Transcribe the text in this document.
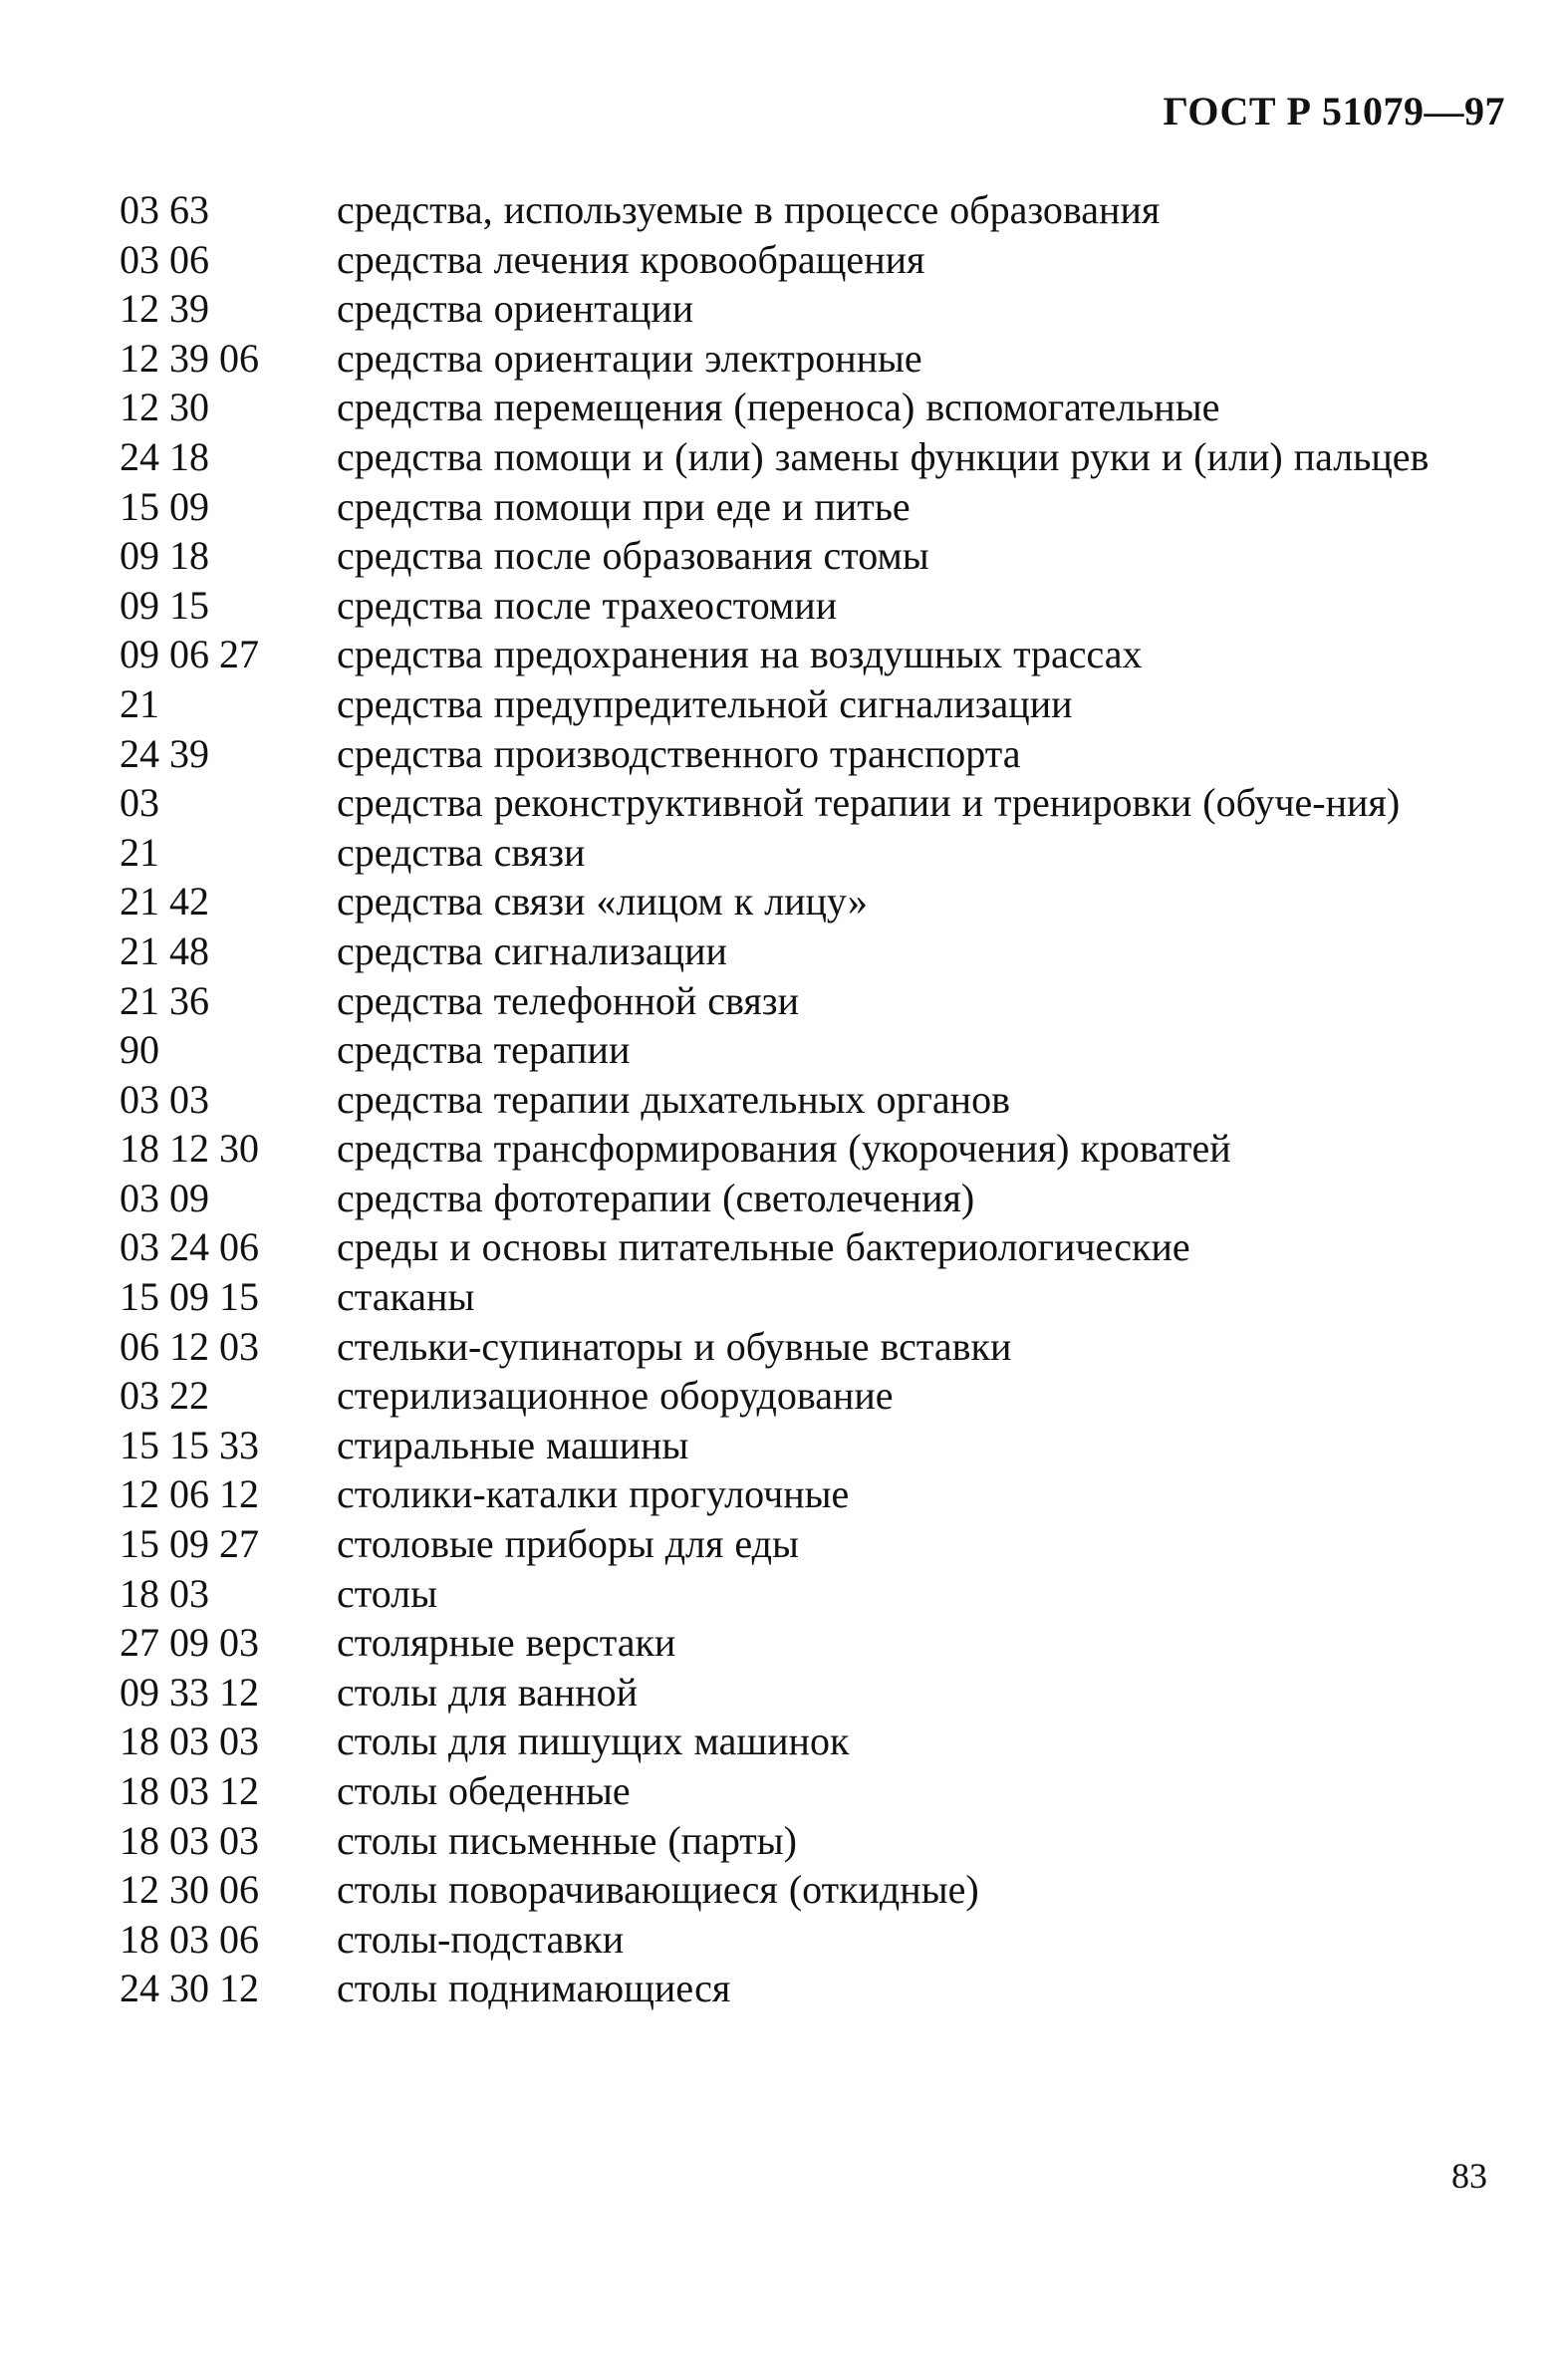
ГОСТ Р 51079—97
03 63	средства, используемые в процессе образования
03 06	средства лечения кровообращения
12 39	средства ориентации
12 39 06	средства ориентации электронные
12 30	средства перемещения (переноса) вспомогательные
24 18	средства помощи и (или) замены функции руки и (или) пальцев
15 09	средства помощи при еде и питье
09 18	средства после образования стомы
09 15	средства после трахеостомии
09 06 27	средства предохранения на воздушных трассах
21	средства предупредительной сигнализации
24 39	средства производственного транспорта
03	средства реконструктивной терапии и тренировки (обуче-ния)
21	средства связи
21 42	средства связи «лицом к лицу»
21 48	средства сигнализации
21 36	средства телефонной связи
90	средства терапии
03 03	средства терапии дыхательных органов
18 12 30	средства трансформирования (укорочения) кроватей
03 09	средства фототерапии (светолечения)
03 24 06	среды и основы питательные бактериологические
15 09 15	стаканы
06 12 03	стельки-супинаторы и обувные вставки
03 22	стерилизационное оборудование
15 15 33	стиральные машины
12 06 12	столики-каталки прогулочные
15 09 27	столовые приборы для еды
18 03	столы
27 09 03	столярные верстаки
09 33 12	столы для ванной
18 03 03	столы для пишущих машинок
18 03 12	столы обеденные
18 03 03	столы письменные (парты)
12 30 06	столы поворачивающиеся (откидные)
18 03 06	столы-подставки
24 30 12	столы поднимающиеся
83
